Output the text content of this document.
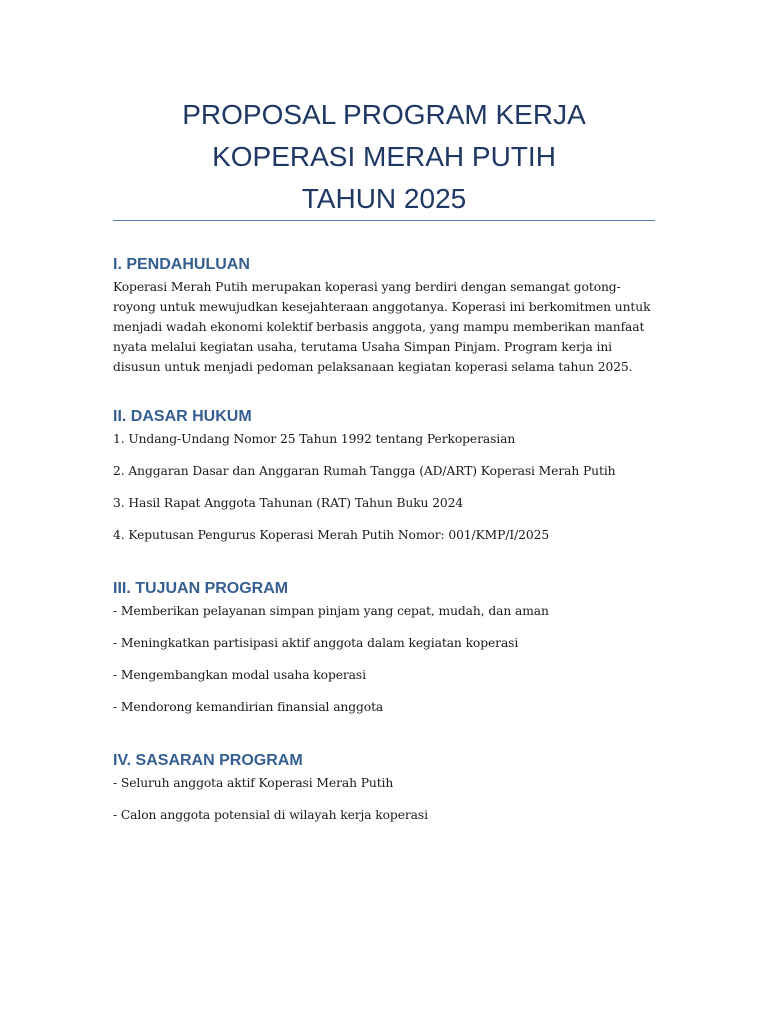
PROPOSAL PROGRAM KERJA
KOPERASI MERAH PUTIH
TAHUN 2025
I. PENDAHULUAN

Koperasi Merah Putih merupakan koperasi yang berdiri dengan semangat gotong-royong untuk mewujudkan kesejahteraan anggotanya. Koperasi ini berkomitmen untuk menjadi wadah ekonomi kolektif berbasis anggota, yang mampu memberikan manfaat nyata melalui kegiatan usaha, terutama Usaha Simpan Pinjam. Program kerja ini disusun untuk menjadi pedoman pelaksanaan kegiatan koperasi selama tahun 2025.

II. DASAR HUKUM

1. Undang-Undang Nomor 25 Tahun 1992 tentang Perkoperasian

2. Anggaran Dasar dan Anggaran Rumah Tangga (AD/ART) Koperasi Merah Putih

3. Hasil Rapat Anggota Tahunan (RAT) Tahun Buku 2024

4. Keputusan Pengurus Koperasi Merah Putih Nomor: 001/KMP/I/2025

III. TUJUAN PROGRAM

- Memberikan pelayanan simpan pinjam yang cepat, mudah, dan aman

- Meningkatkan partisipasi aktif anggota dalam kegiatan koperasi

- Mengembangkan modal usaha koperasi

- Mendorong kemandirian finansial anggota

IV. SASARAN PROGRAM

- Seluruh anggota aktif Koperasi Merah Putih

- Calon anggota potensial di wilayah kerja koperasi
